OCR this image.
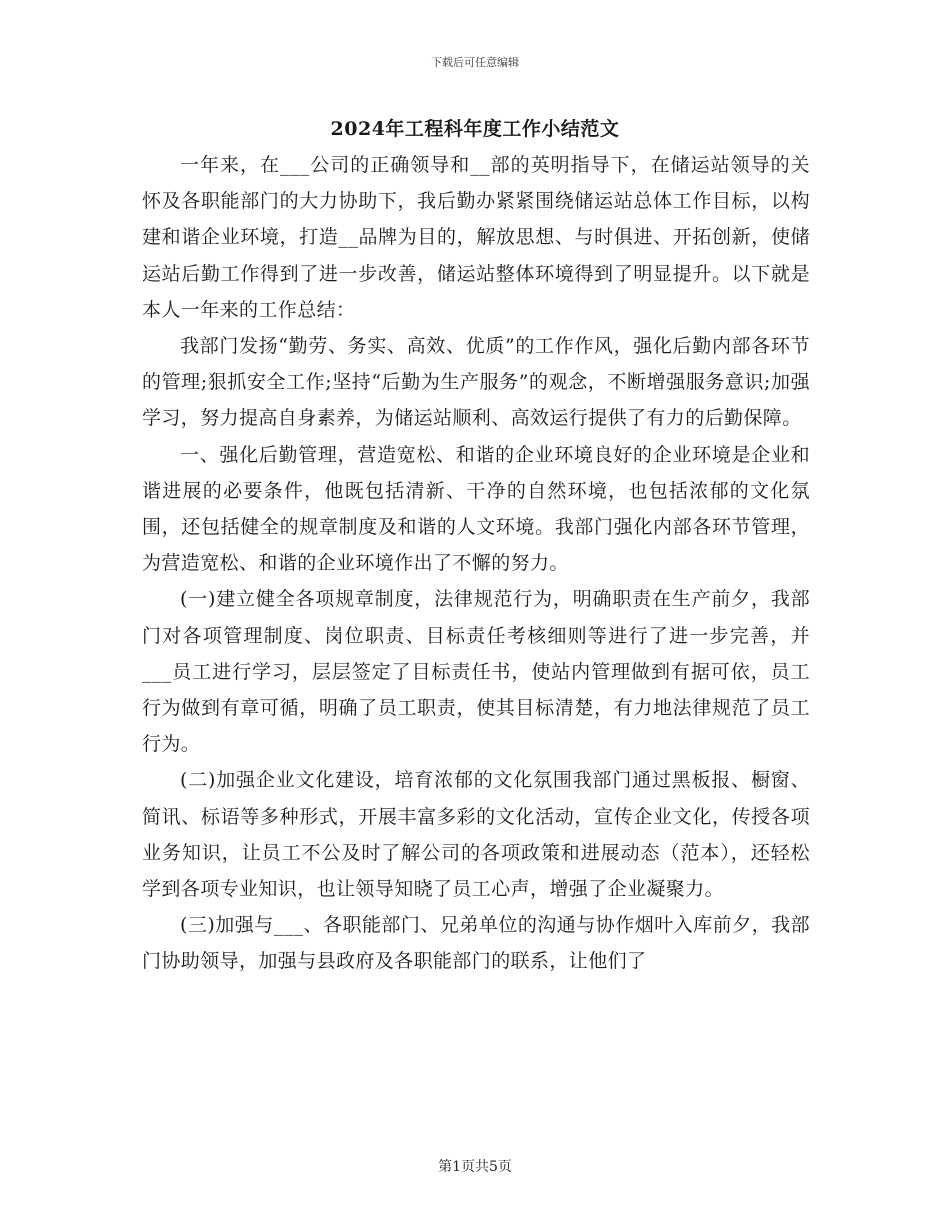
下载后可任意编辑
2024年工程科年度工作小结范文

一年来，在___公司的正确领导和__部的英明指导下，在储运站领导的关怀及各职能部门的大力协助下，我后勤办紧紧围绕储运站总体工作目标，以构建和谐企业环境，打造__品牌为目的，解放思想、与时俱进、开拓创新，使储运站后勤工作得到了进一步改善，储运站整体环境得到了明显提升。以下就是本人一年来的工作总结：

我部门发扬“勤劳、务实、高效、优质”的工作作风，强化后勤内部各环节的管理;狠抓安全工作;坚持“后勤为生产服务”的观念，不断增强服务意识;加强学习，努力提高自身素养，为储运站顺利、高效运行提供了有力的后勤保障。

一、强化后勤管理，营造宽松、和谐的企业环境良好的企业环境是企业和谐进展的必要条件，他既包括清新、干净的自然环境，也包括浓郁的文化氛围，还包括健全的规章制度及和谐的人文环境。我部门强化内部各环节管理，为营造宽松、和谐的企业环境作出了不懈的努力。

(一)建立健全各项规章制度，法律规范行为，明确职责在生产前夕，我部门对各项管理制度、岗位职责、目标责任考核细则等进行了进一步完善，并___员工进行学习，层层签定了目标责任书，使站内管理做到有据可依，员工行为做到有章可循，明确了员工职责，使其目标清楚，有力地法律规范了员工行为。

(二)加强企业文化建设，培育浓郁的文化氛围我部门通过黑板报、橱窗、简讯、标语等多种形式，开展丰富多彩的文化活动，宣传企业文化，传授各项业务知识，让员工不公及时了解公司的各项政策和进展动态（范本），还轻松学到各项专业知识，也让领导知晓了员工心声，增强了企业凝聚力。

(三)加强与___、各职能部门、兄弟单位的沟通与协作烟叶入库前夕，我部门协助领导，加强与县政府及各职能部门的联系，让他们了

第1页共5页
